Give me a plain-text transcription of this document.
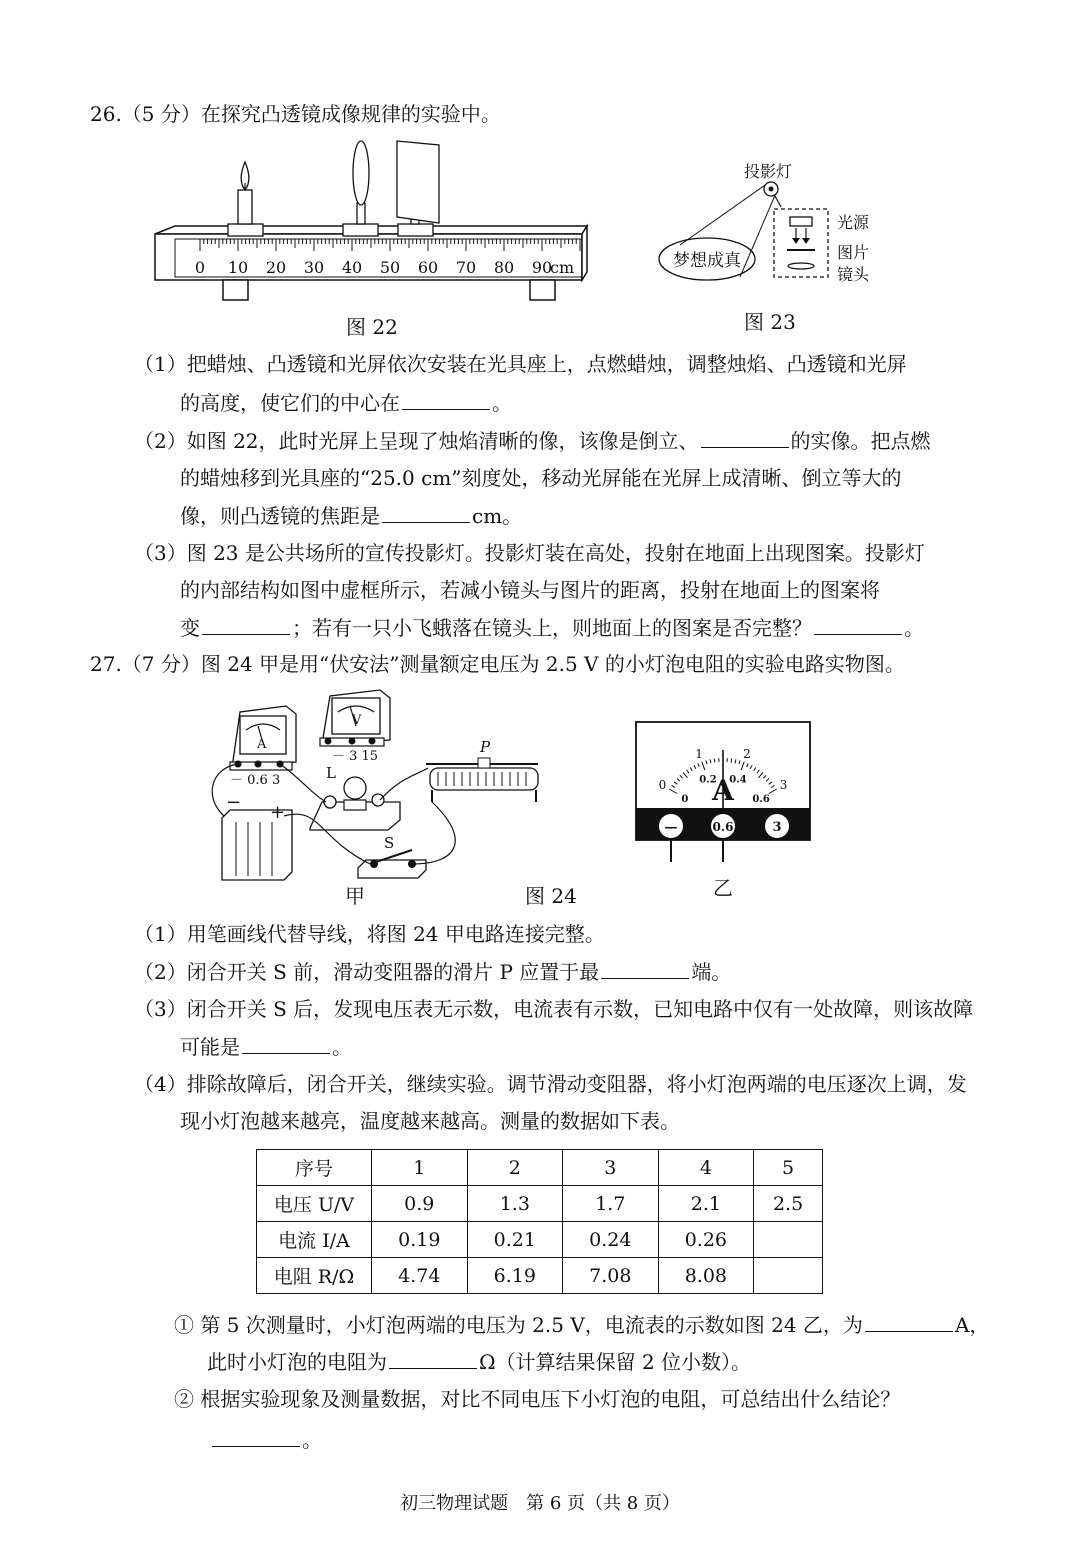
26.（5 分）在探究凸透镜成像规律的实验中。
0 10 20 30 40 50 60 70 80 90
cm
图 22
梦想成真
投影灯
光源
图片
镜头
图 23
（1）把蜡烛、凸透镜和光屏依次安装在光具座上，点燃蜡烛，调整烛焰、凸透镜和光屏
的高度，使它们的中心在	。
（2）如图 22，此时光屏上呈现了烛焰清晰的像，该像是倒立、	的实像。把点燃
的蜡烛移到光具座的“25.0 cm”刻度处，移动光屏能在光屏上成清晰、倒立等大的
像，则凸透镜的焦距是	cm。
（3）图 23 是公共场所的宣传投影灯。投影灯装在高处，投射在地面上出现图案。投影灯
的内部结构如图中虚框所示，若减小镜头与图片的距离，投射在地面上的图案将
变	；若有一只小飞蛾落在镜头上，则地面上的图案是否完整？	。
27.（7 分）图 24 甲是用“伏安法”测量额定电压为 2.5 V 的小灯泡电阻的实验电路实物图。
A
－ 0.6 3
V
－ 3 15
L
− +
P
S
甲	图 24
0
1	2
3
0
0.2 0.4
0.6
A
—	0.6	3
乙
（1）用笔画线代替导线，将图 24 甲电路连接完整。
（2）闭合开关 S 前，滑动变阻器的滑片 P 应置于最	端。
（3）闭合开关 S 后，发现电压表无示数，电流表有示数，已知电路中仅有一处故障，则该故障
可能是	。
（4）排除故障后，闭合开关，继续实验。调节滑动变阻器，将小灯泡两端的电压逐次上调，发
现小灯泡越来越亮，温度越来越高。测量的数据如下表。
序号	1	2	3	4	5
电压 U/V	0.9	1.3	1.7	2.1	2.5
电流 I/A	0.19	0.21	0.24	0.26	
电阻 R/Ω	4.74	6.19	7.08	8.08	
① 第 5 次测量时，小灯泡两端的电压为 2.5 V，电流表的示数如图 24 乙，为	A，
此时小灯泡的电阻为	Ω（计算结果保留 2 位小数）。
② 根据实验现象及测量数据，对比不同电压下小灯泡的电阻，可总结出什么结论？
。
初三物理试题　第 6 页（共 8 页）
